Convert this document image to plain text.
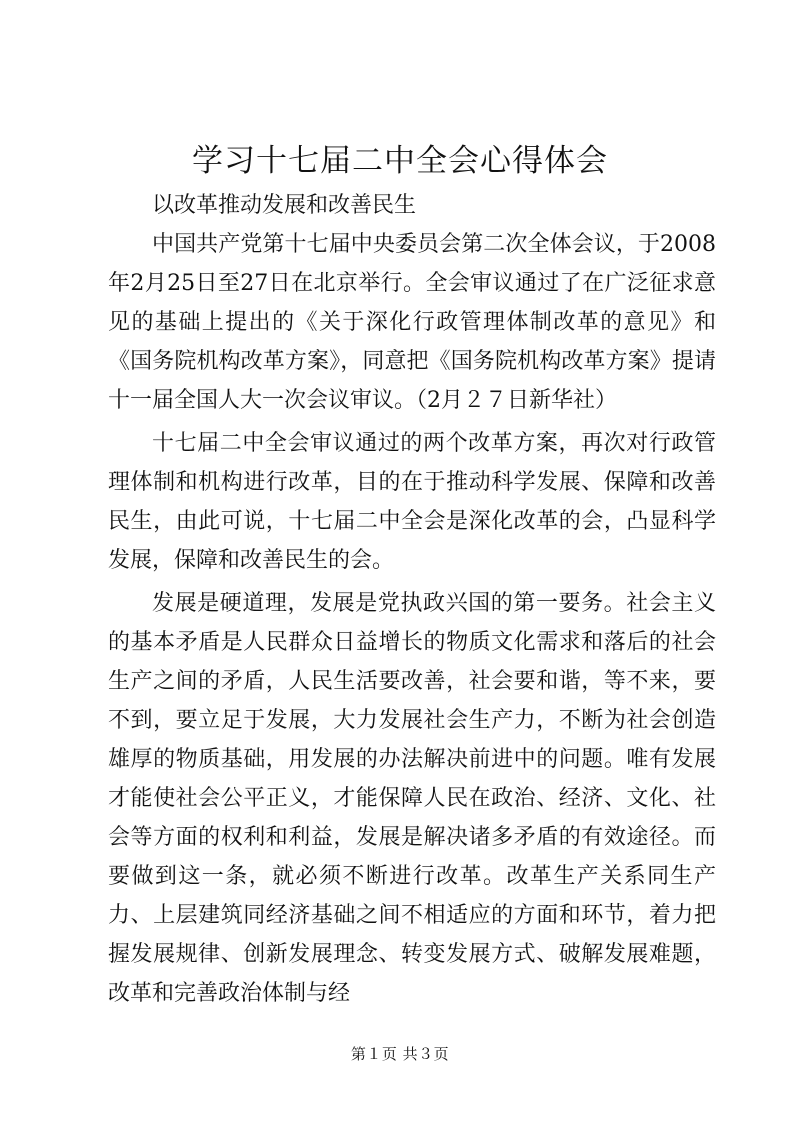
学习十七届二中全会心得体会

以改革推动发展和改善民生

中国共产党第十七届中央委员会第二次全体会议，于2008年2月25日至27日在北京举行。全会审议通过了在广泛征求意见的基础上提出的《关于深化行政管理体制改革的意见》和《国务院机构改革方案》，同意把《国务院机构改革方案》提请十一届全国人大一次会议审议。（2月２７日新华社）

十七届二中全会审议通过的两个改革方案，再次对行政管理体制和机构进行改革，目的在于推动科学发展、保障和改善民生，由此可说，十七届二中全会是深化改革的会，凸显科学发展，保障和改善民生的会。

发展是硬道理，发展是党执政兴国的第一要务。社会主义的基本矛盾是人民群众日益增长的物质文化需求和落后的社会生产之间的矛盾，人民生活要改善，社会要和谐，等不来，要不到，要立足于发展，大力发展社会生产力，不断为社会创造雄厚的物质基础，用发展的办法解决前进中的问题。唯有发展才能使社会公平正义，才能保障人民在政治、经济、文化、社会等方面的权利和利益，发展是解决诸多矛盾的有效途径。而要做到这一条，就必须不断进行改革。改革生产关系同生产力、上层建筑同经济基础之间不相适应的方面和环节，着力把握发展规律、创新发展理念、转变发展方式、破解发展难题，改革和完善政治体制与经

第１页 共３页
